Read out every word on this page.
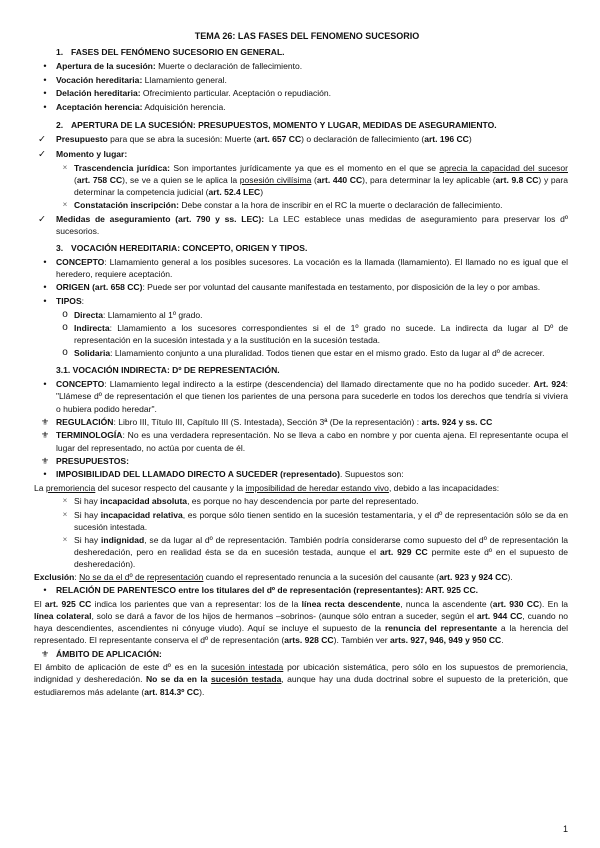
TEMA 26: LAS FASES DEL FENOMENO SUCESORIO
1. FASES DEL FENÓMENO SUCESORIO EN GENERAL.
•	Apertura de la sucesión: Muerte o declaración de fallecimiento.
•	Vocación hereditaria: Llamamiento general.
•	Delación hereditaria: Ofrecimiento particular. Aceptación o repudiación.
•	Aceptación herencia: Adquisición herencia.
2. APERTURA DE LA SUCESIÓN: PRESUPUESTOS, MOMENTO Y LUGAR, MEDIDAS DE ASEGURAMIENTO.
✓	Presupuesto para que se abra la sucesión: Muerte (art. 657 CC) o declaración de fallecimiento (art. 196 CC)
✓	Momento y lugar:
× Trascendencia jurídica: Son importantes jurídicamente ya que es el momento en el que se aprecia la capacidad del sucesor (art. 758 CC), se ve a quien se le aplica la posesión civilísima (art. 440 CC), para determinar la ley aplicable (art. 9.8 CC) y para determinar la competencia judicial (art. 52.4 LEC)
× Constatación inscripción: Debe constar a la hora de inscribir en el RC la muerte o declaración de fallecimiento.
✓	Medidas de aseguramiento (art. 790 y ss. LEC): La LEC establece unas medidas de aseguramiento para preservar los dº sucesorios.
3. VOCACIÓN HEREDITARIA: CONCEPTO, ORIGEN Y TIPOS.
•	CONCEPTO: Llamamiento general a los posibles sucesores. La vocación es la llamada (llamamiento). El llamado no es igual que el heredero, requiere aceptación.
•	ORIGEN (art. 658 CC): Puede ser por voluntad del causante manifestada en testamento, por disposición de la ley o por ambas.
•	TIPOS:
o Directa: Llamamiento al 1º grado.
o Indirecta: Llamamiento a los sucesores correspondientes si el de 1º grado no sucede. La indirecta da lugar al Dº de representación en la sucesión intestada y a la sustitución en la sucesión testada.
o Solidaria: Llamamiento conjunto a una pluralidad. Todos tienen que estar en el mismo grado. Esto da lugar al dº de acrecer.
3.1. VOCACIÓN INDIRECTA: Dº DE REPRESENTACIÓN.
•	CONCEPTO: Llamamiento legal indirecto a la estirpe (descendencia) del llamado directamente que no ha podido suceder. Art. 924: "Llámese dº de representación el que tienen los parientes de una persona para sucederle en todos los derechos que tendría si viviera o hubiera podido heredar".
⚜ REGULACIÓN: Libro III, Título III, Capítulo III (S. Intestada), Sección 3ª (De la representación) : arts. 924 y ss. CC
⚜ TERMINOLOGÍA: No es una verdadera representación. No se lleva a cabo en nombre y por cuenta ajena. El representante ocupa el lugar del representado, no actúa por cuenta de él.
⚜ PRESUPUESTOS:
•	IMPOSIBILIDAD DEL LLAMADO DIRECTO A SUCEDER (representado). Supuestos son:
La premoriencia del sucesor respecto del causante y la imposibilidad de heredar estando vivo, debido a las incapacidades:
× Si hay incapacidad absoluta, es porque no hay descendencia por parte del representado.
× Si hay incapacidad relativa, es porque sólo tienen sentido en la sucesión testamentaria, y el dº de representación sólo se da en sucesión intestada.
× Si hay indignidad, se da lugar al dº de representación. También podría considerarse como supuesto del dº de representación la desheredación, pero en realidad ésta se da en sucesión testada, aunque el art. 929 CC permite este dº en el supuesto de desheredación).
Exclusión: No se da el dº de representación cuando el representado renuncia a la sucesión del causante (art. 923 y 924 CC).
•	RELACIÓN DE PARENTESCO entre los titulares del dº de representación (representantes): ART. 925 CC.
El art. 925 CC indica los parientes que van a representar: los de la línea recta descendente, nunca la ascendente (art. 930 CC). En la línea colateral, solo se dará a favor de los hijos de hermanos –sobrinos- (aunque sólo entran a suceder, según el art. 944 CC, cuando no haya descendientes, ascendientes ni cónyuge viudo). Aquí se incluye el supuesto de la renuncia del representante a la herencia del representado. El representante conserva el dº de representación (arts. 928 CC). También ver arts. 927, 946, 949 y 950 CC.
⚜ ÁMBITO DE APLICACIÓN:
El ámbito de aplicación de este dº es en la sucesión intestada por ubicación sistemática, pero sólo en los supuestos de premoriencia, indignidad y desheredación. No se da en la sucesión testada, aunque hay una duda doctrinal sobre el supuesto de la preterición, que estudiaremos más adelante (art. 814.3º CC).
1
